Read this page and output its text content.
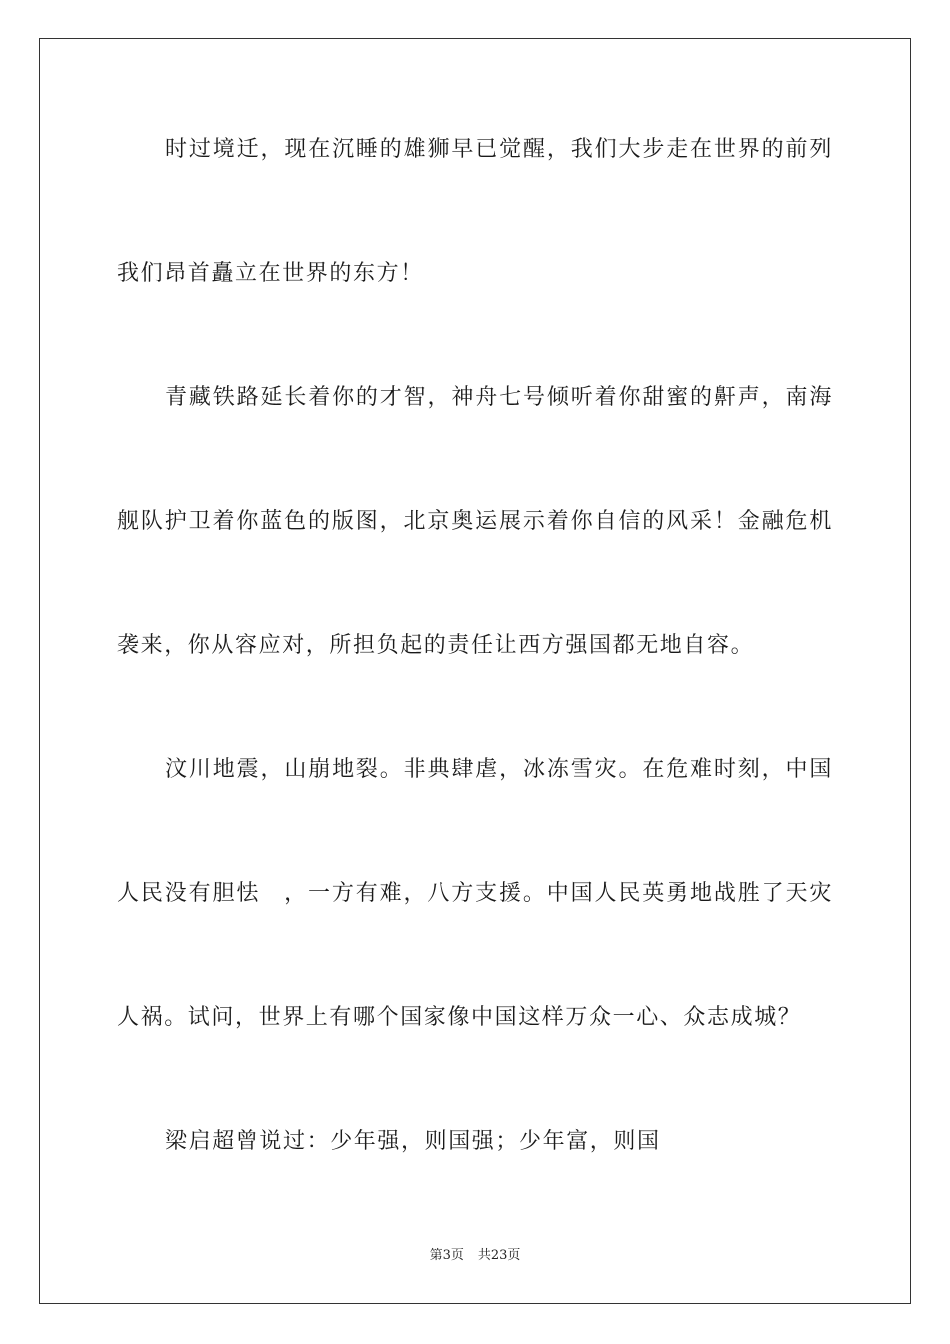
时过境迁，现在沉睡的雄狮早已觉醒，我们大步走在世界的前列
我们昂首矗立在世界的东方！
青藏铁路延长着你的才智，神舟七号倾听着你甜蜜的鼾声，南海
舰队护卫着你蓝色的版图，北京奥运展示着你自信的风采！金融危机
袭来，你从容应对，所担负起的责任让西方强国都无地自容。
汶川地震，山崩地裂。非典肆虐，冰冻雪灾。在危难时刻，中国
人民没有胆怯　，一方有难，八方支援。中国人民英勇地战胜了天灾
人祸。试问，世界上有哪个国家像中国这样万众一心、众志成城？
梁启超曾说过：少年强，则国强；少年富，则国
第3页 共23页
